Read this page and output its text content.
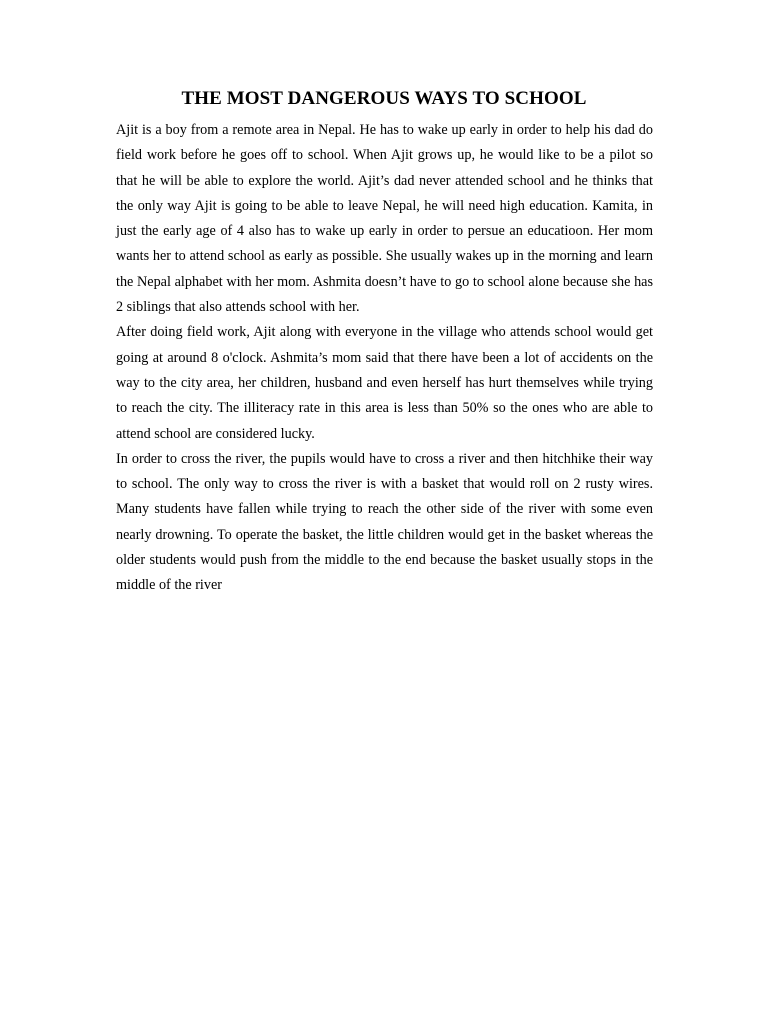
THE MOST DANGEROUS WAYS TO SCHOOL

Ajit is a boy from a remote area in Nepal. He has to wake up early in order to help his dad do field work before he goes off to school. When Ajit grows up, he would like to be a pilot so that he will be able to explore the world. Ajit’s dad never attended school and he thinks that the only way Ajit is going to be able to leave Nepal, he will need high education. Kamita, in just the early age of 4 also has to wake up early in order to persue an educatioon. Her mom wants her to attend school as early as possible. She usually wakes up in the morning and learn the Nepal alphabet with her mom. Ashmita doesn’t have to go to school alone because she has 2 siblings that also attends school with her.

After doing field work, Ajit along with everyone in the village who attends school would get going at around 8 o'clock. Ashmita’s mom said that there have been a lot of accidents on the way to the city area, her children, husband and even herself has hurt themselves while trying to reach the city. The illiteracy rate in this area is less than 50% so the ones who are able to attend school are considered lucky.

In order to cross the river, the pupils would have to cross a river and then hitchhike their way to school. The only way to cross the river is with a basket that would roll on 2 rusty wires. Many students have fallen while trying to reach the other side of the river with some even nearly drowning. To operate the basket, the little children would get in the basket whereas the older students would push from the middle to the end because the basket usually stops in the middle of the river
